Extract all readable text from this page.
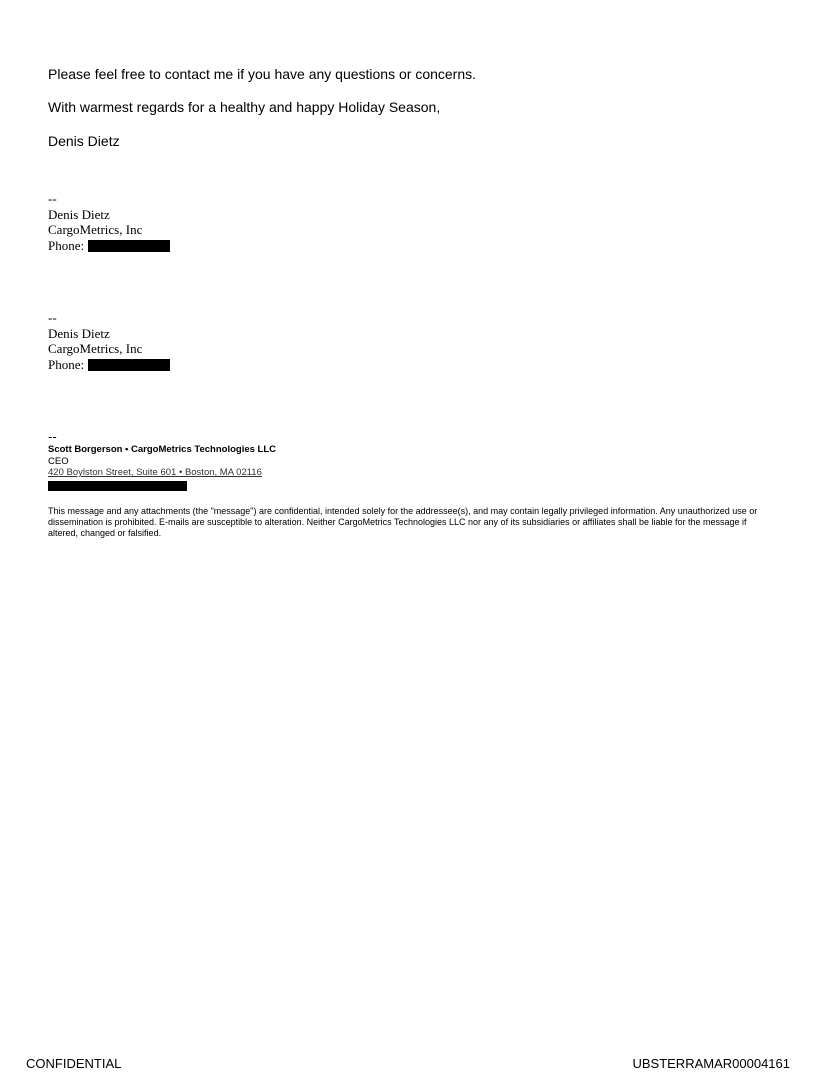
Please feel free to contact me if you have any questions or concerns.
With warmest regards for a healthy and happy Holiday Season,
Denis Dietz
--
Denis Dietz
CargoMetrics, Inc
Phone:
--
Denis Dietz
CargoMetrics, Inc
Phone:
--
Scott Borgerson • CargoMetrics Technologies LLC
CEO
420 Boylston Street, Suite 601 • Boston, MA 02116
This message and any attachments (the "message") are confidential, intended solely for the addressee(s), and may contain legally privileged information. Any unauthorized use or dissemination is prohibited. E-mails are susceptible to alteration. Neither CargoMetrics Technologies LLC nor any of its subsidiaries or affiliates shall be liable for the message if altered, changed or falsified.
CONFIDENTIAL	UBSTERRAMAR00004161
